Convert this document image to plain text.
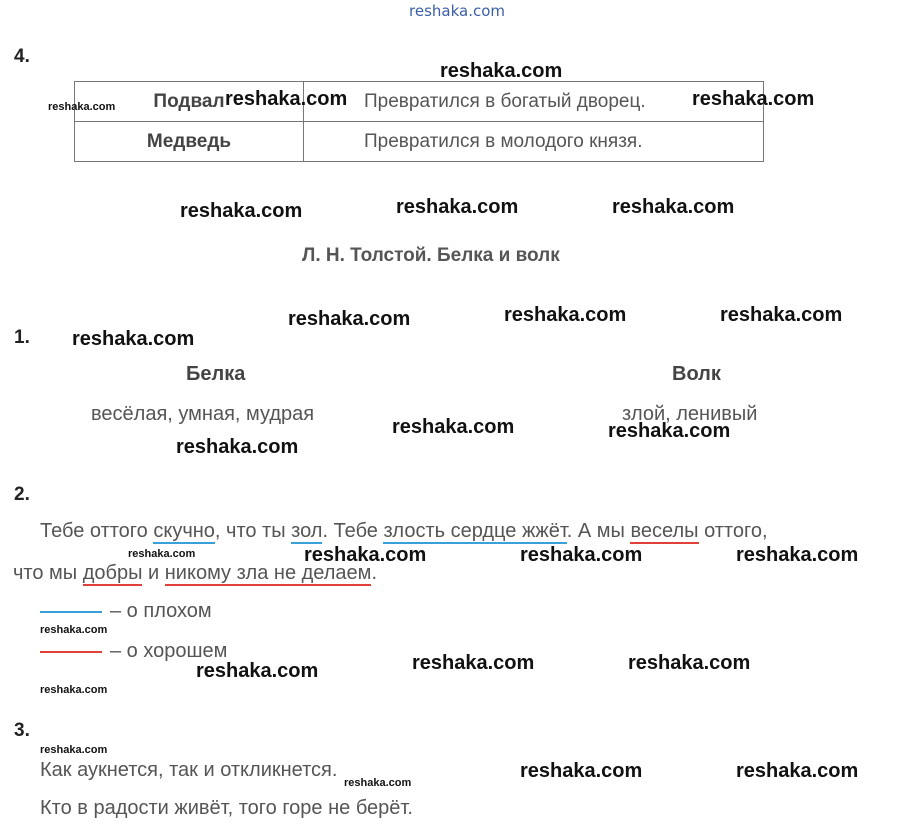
reshaka.com
4.
Подвал	Превратился в богатый дворец.
Медведь	Превратился в молодого князя.
Л. Н. Толстой. Белка и волк
1.
Белка
весёлая, умная, мудрая
Волк
злой, ленивый
2.
Тебе оттого скучно, что ты зол. Тебе злость сердце жжёт. А мы веселы оттого,
что мы добры и никому зла не делаем.
– о плохом
– о хорошем
3.
Как аукнется, так и откликнется.
Кто в радости живёт, того горе не берёт.
reshaka.com
reshaka.com	reshaka.com
reshaka.com	reshaka.com	reshaka.com
reshaka.com	reshaka.com	reshaka.com
reshaka.com
reshaka.com	reshaka.com
reshaka.com
reshaka.com	reshaka.com	reshaka.com
reshaka.com	reshaka.com
reshaka.com
reshaka.com	reshaka.com
reshaka.com
reshaka.com
reshaka.com
reshaka.com
reshaka.com
reshaka.com
